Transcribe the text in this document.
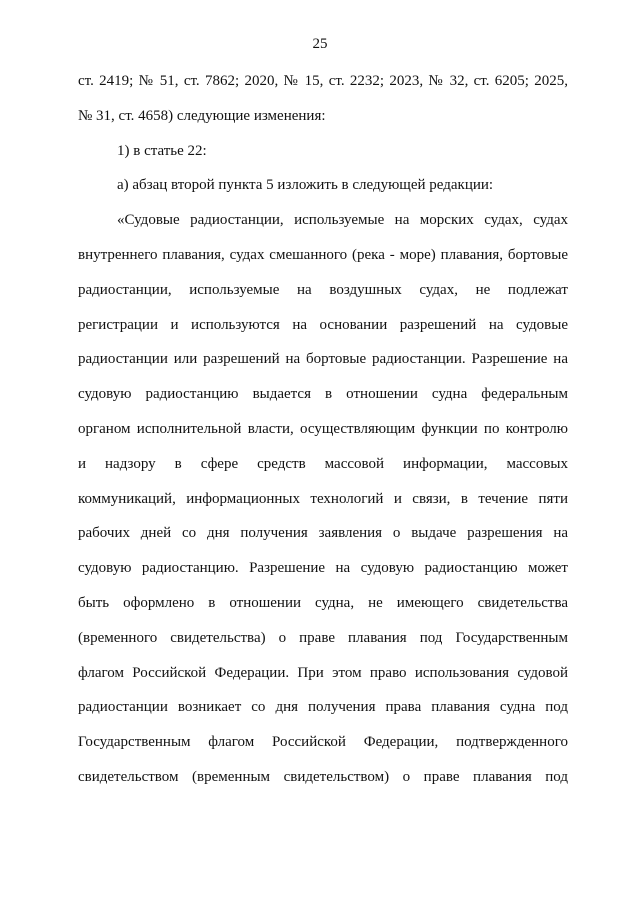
25
ст. 2419; № 51, ст. 7862; 2020, № 15, ст. 2232; 2023, № 32, ст. 6205; 2025,
№ 31, ст. 4658) следующие изменения:
1) в статье 22:
а) абзац второй пункта 5 изложить в следующей редакции:
«Судовые радиостанции, используемые на морских судах, судах
внутреннего плавания, судах смешанного (река - море) плавания, бортовые
радиостанции, используемые на воздушных судах, не подлежат
регистрации и используются на основании разрешений на судовые
радиостанции или разрешений на бортовые радиостанции. Разрешение на
судовую радиостанцию выдается в отношении судна федеральным
органом исполнительной власти, осуществляющим функции по контролю
и надзору в сфере средств массовой информации, массовых
коммуникаций, информационных технологий и связи, в течение пяти
рабочих дней со дня получения заявления о выдаче разрешения на
судовую радиостанцию. Разрешение на судовую радиостанцию может
быть оформлено в отношении судна, не имеющего свидетельства
(временного свидетельства) о праве плавания под Государственным
флагом Российской Федерации. При этом право использования судовой
радиостанции возникает со дня получения права плавания судна под
Государственным флагом Российской Федерации, подтвержденного
свидетельством (временным свидетельством) о праве плавания под
